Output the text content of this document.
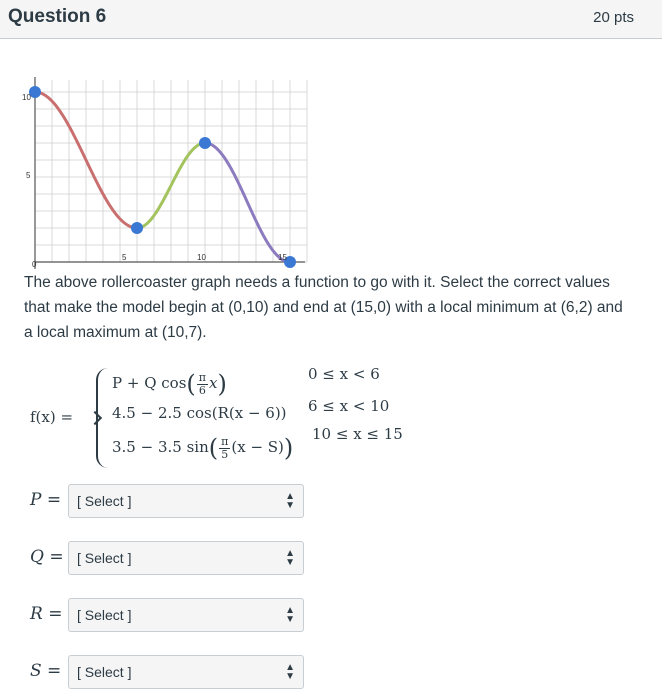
Question 6	20 pts
10
5
0
5	10	15
The above rollercoaster graph needs a function to go with it. Select the correct values that make the model begin at (0,10) and end at (15,0) with a local minimum at (6,2) and a local maximum at (10,7).
f(x) =
P + Q $\cos( \frac{\pi}{6} x)$	0 ≤ x < 6
4.5 − 2.5 cos(R(x − 6)) 6 ≤ x < 10
3.5 − 3.5 $\sin( \frac{\pi}{5} (x - S))$ 10 ≤ x ≤ 15
P =	[ Select ]	▲
▼
Q = [ Select ]	▲
▼
R =	[ Select ]	▲
▼
S =	[ Select ]	▲
▼
